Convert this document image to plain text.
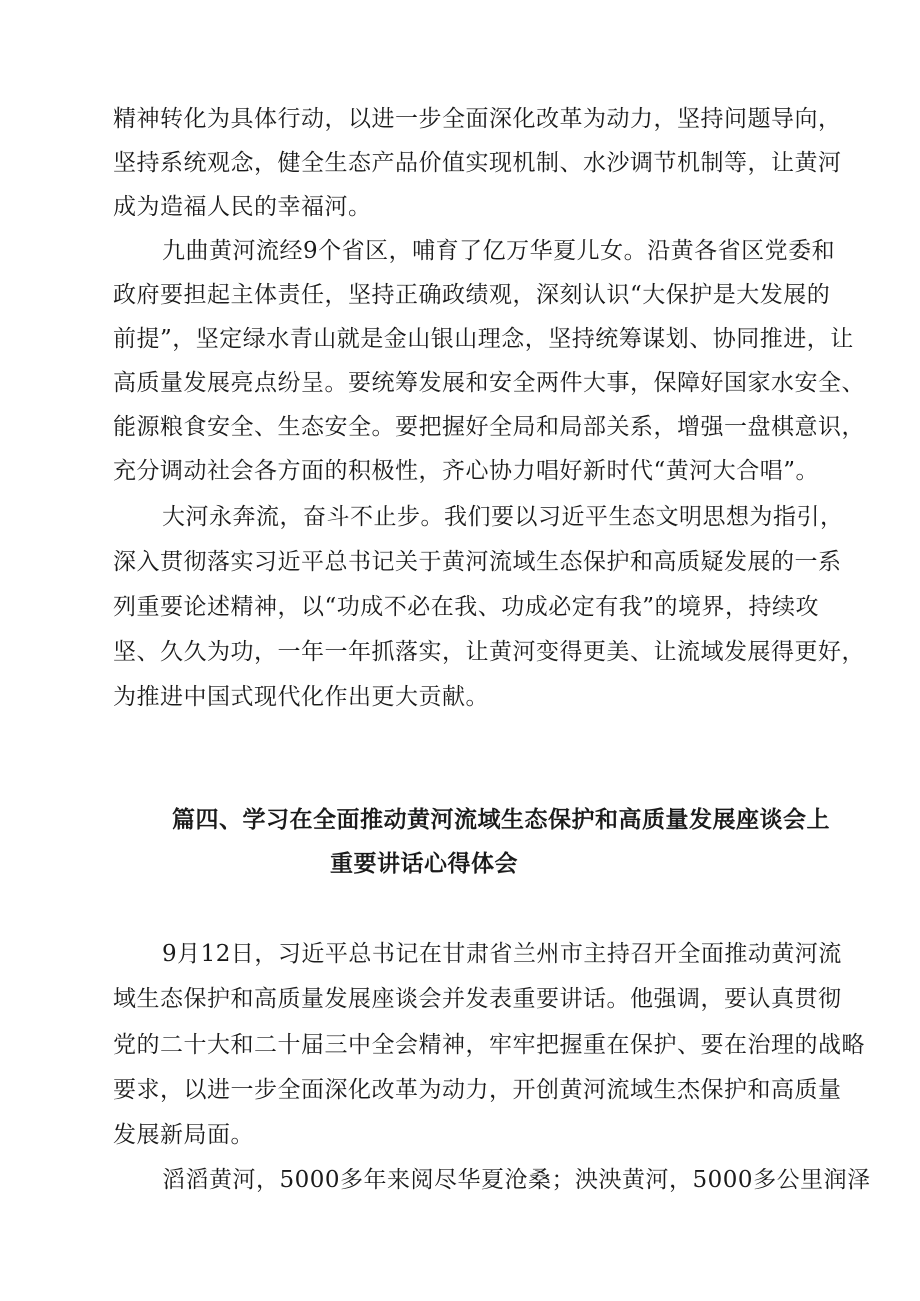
精神转化为具体行动，以进一步全面深化改革为动力，坚持问题导向，
坚持系统观念，健全生态产品价值实现机制、水沙调节机制等，让黄河
成为造福人民的幸福河。
九曲黄河流经9个省区，哺育了亿万华夏儿女。沿黄各省区党委和
政府要担起主体责任，坚持正确政绩观，深刻认识“大保护是大发展的
前提”，坚定绿水青山就是金山银山理念，坚持统筹谋划、协同推进，让
高质量发展亮点纷呈。要统筹发展和安全两件大事，保障好国家水安全、
能源粮食安全、生态安全。要把握好全局和局部关系，增强一盘棋意识，
充分调动社会各方面的积极性，齐心协力唱好新时代“黄河大合唱”。
大河永奔流，奋斗不止步。我们要以习近平生态文明思想为指引，
深入贯彻落实习近平总书记关于黄河流域生态保护和高质疑发展的一系
列重要论述精神，以“功成不必在我、功成必定有我”的境界，持续攻
坚、久久为功，一年一年抓落实，让黄河变得更美、让流域发展得更好，
为推进中国式现代化作出更大贡献。
篇四、学习在全面推动黄河流域生态保护和高质量发展座谈会上
重要讲话心得体会
9月12日，习近平总书记在甘肃省兰州市主持召开全面推动黄河流
域生态保护和高质量发展座谈会并发表重要讲话。他强调，要认真贯彻
党的二十大和二十届三中全会精神，牢牢把握重在保护、要在治理的战略
要求，以进一步全面深化改革为动力，开创黄河流域生杰保护和高质量
发展新局面。
滔滔黄河，5000多年来阅尽华夏沧桑；泱泱黄河，5000多公里润泽
